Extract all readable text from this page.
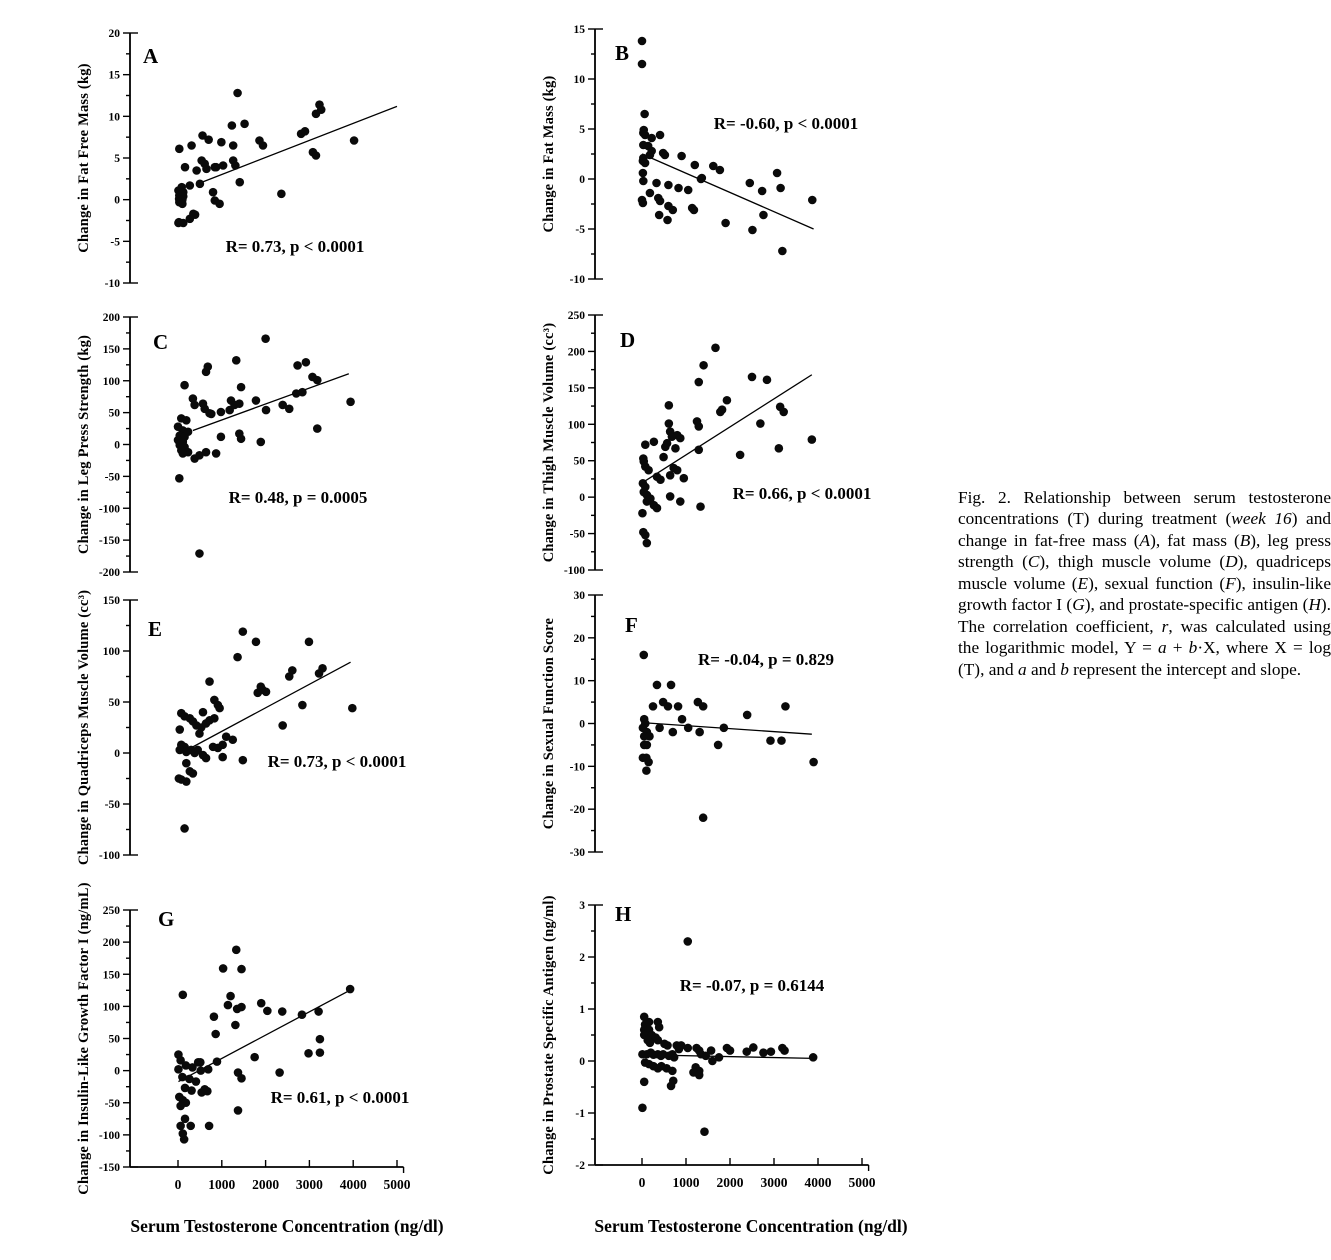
20
15
10
5
0
-5
-10
A
R= 0.73, p < 0.0001
Change in Fat Free Mass (kg)
15
10
5
0
-5
-10
B
R= -0.60, p < 0.0001
Change in Fat Mass (kg)
200
150
100
50
0
-50
-100
-150
-200
C
R= 0.48, p = 0.0005
Change in Leg Press Strength (kg)
250
200
150
100
50
0
-50
-100
D
R= 0.66, p < 0.0001
Change in Thigh Muscle Volume (cc³)
150
100
50
0
-50
-100
E
R= 0.73, p < 0.0001
Change in Quadriceps Muscle Volume (cc³)	30
20
10
0
-10
-20
-30
F
R= -0.04, p = 0.829
Change in Sexual Function Score
250
200
150
100
50
0
-50
-100
-150
0 1000 2000 3000 4000 5000
G
R= 0.61, p < 0.0001
Change in Insulin-Like Growth Factor I (ng/mL)	3
2
1
0
-1
-2
0 1000 2000 3000 4000 5000
H
R= -0.07, p = 0.6144
Change in Prostate Specific Antigen (ng/ml)
Serum Testosterone Concentration (ng/dl)	Serum Testosterone Concentration (ng/dl)
Fig. 2. Relationship between serum testosterone concentrations (T) during treatment (week 16) and change in fat-free mass (A), fat mass (B), leg press strength (C), thigh muscle volume (D), quadriceps muscle volume (E), sexual function (F), insulin-like growth factor I (G), and prostate-specific antigen (H). The correlation coefficient, r, was calculated using the logarithmic model, Y = a + b·X, where X = log (T), and a and b represent the intercept and slope.
